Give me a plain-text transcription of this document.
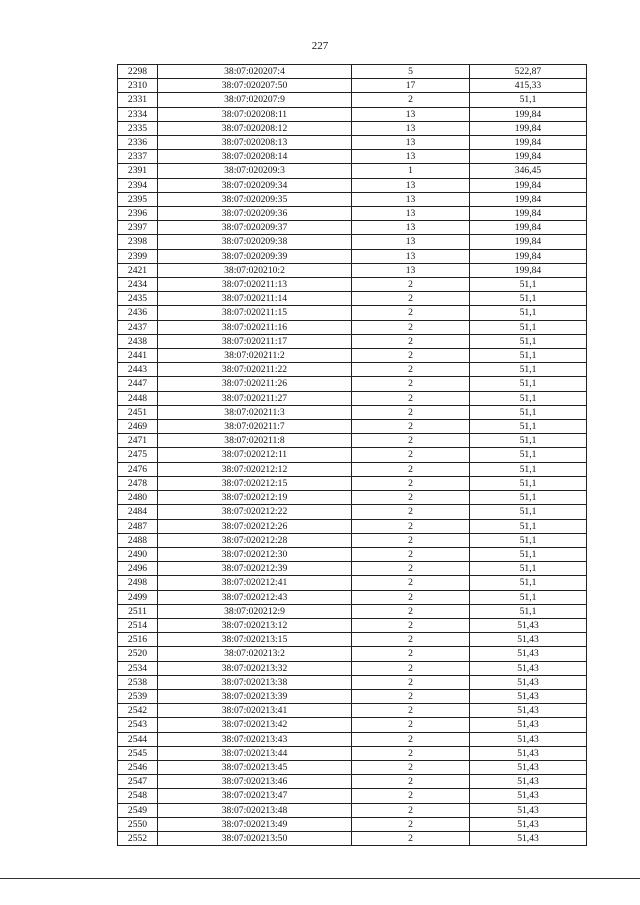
227
2298	38:07:020207:4	5	522,87
2310	38:07:020207:50	17	415,33
2331	38:07:020207:9	2	51,1
2334	38:07:020208:11	13	199,84
2335	38:07:020208:12	13	199,84
2336	38:07:020208:13	13	199,84
2337	38:07:020208:14	13	199,84
2391	38:07:020209:3	1	346,45
2394	38:07:020209:34	13	199,84
2395	38:07:020209:35	13	199,84
2396	38:07:020209:36	13	199,84
2397	38:07:020209:37	13	199,84
2398	38:07:020209:38	13	199,84
2399	38:07:020209:39	13	199,84
2421	38:07:020210:2	13	199,84
2434	38:07:020211:13	2	51,1
2435	38:07:020211:14	2	51,1
2436	38:07:020211:15	2	51,1
2437	38:07:020211:16	2	51,1
2438	38:07:020211:17	2	51,1
2441	38:07:020211:2	2	51,1
2443	38:07:020211:22	2	51,1
2447	38:07:020211:26	2	51,1
2448	38:07:020211:27	2	51,1
2451	38:07:020211:3	2	51,1
2469	38:07:020211:7	2	51,1
2471	38:07:020211:8	2	51,1
2475	38:07:020212:11	2	51,1
2476	38:07:020212:12	2	51,1
2478	38:07:020212:15	2	51,1
2480	38:07:020212:19	2	51,1
2484	38:07:020212:22	2	51,1
2487	38:07:020212:26	2	51,1
2488	38:07:020212:28	2	51,1
2490	38:07:020212:30	2	51,1
2496	38:07:020212:39	2	51,1
2498	38:07:020212:41	2	51,1
2499	38:07:020212:43	2	51,1
2511	38:07:020212:9	2	51,1
2514	38:07:020213:12	2	51,43
2516	38:07:020213:15	2	51,43
2520	38:07:020213:2	2	51,43
2534	38:07:020213:32	2	51,43
2538	38:07:020213:38	2	51,43
2539	38:07:020213:39	2	51,43
2542	38:07:020213:41	2	51,43
2543	38:07:020213:42	2	51,43
2544	38:07:020213:43	2	51,43
2545	38:07:020213:44	2	51,43
2546	38:07:020213:45	2	51,43
2547	38:07:020213:46	2	51,43
2548	38:07:020213:47	2	51,43
2549	38:07:020213:48	2	51,43
2550	38:07:020213:49	2	51,43
2552	38:07:020213:50	2	51,43
